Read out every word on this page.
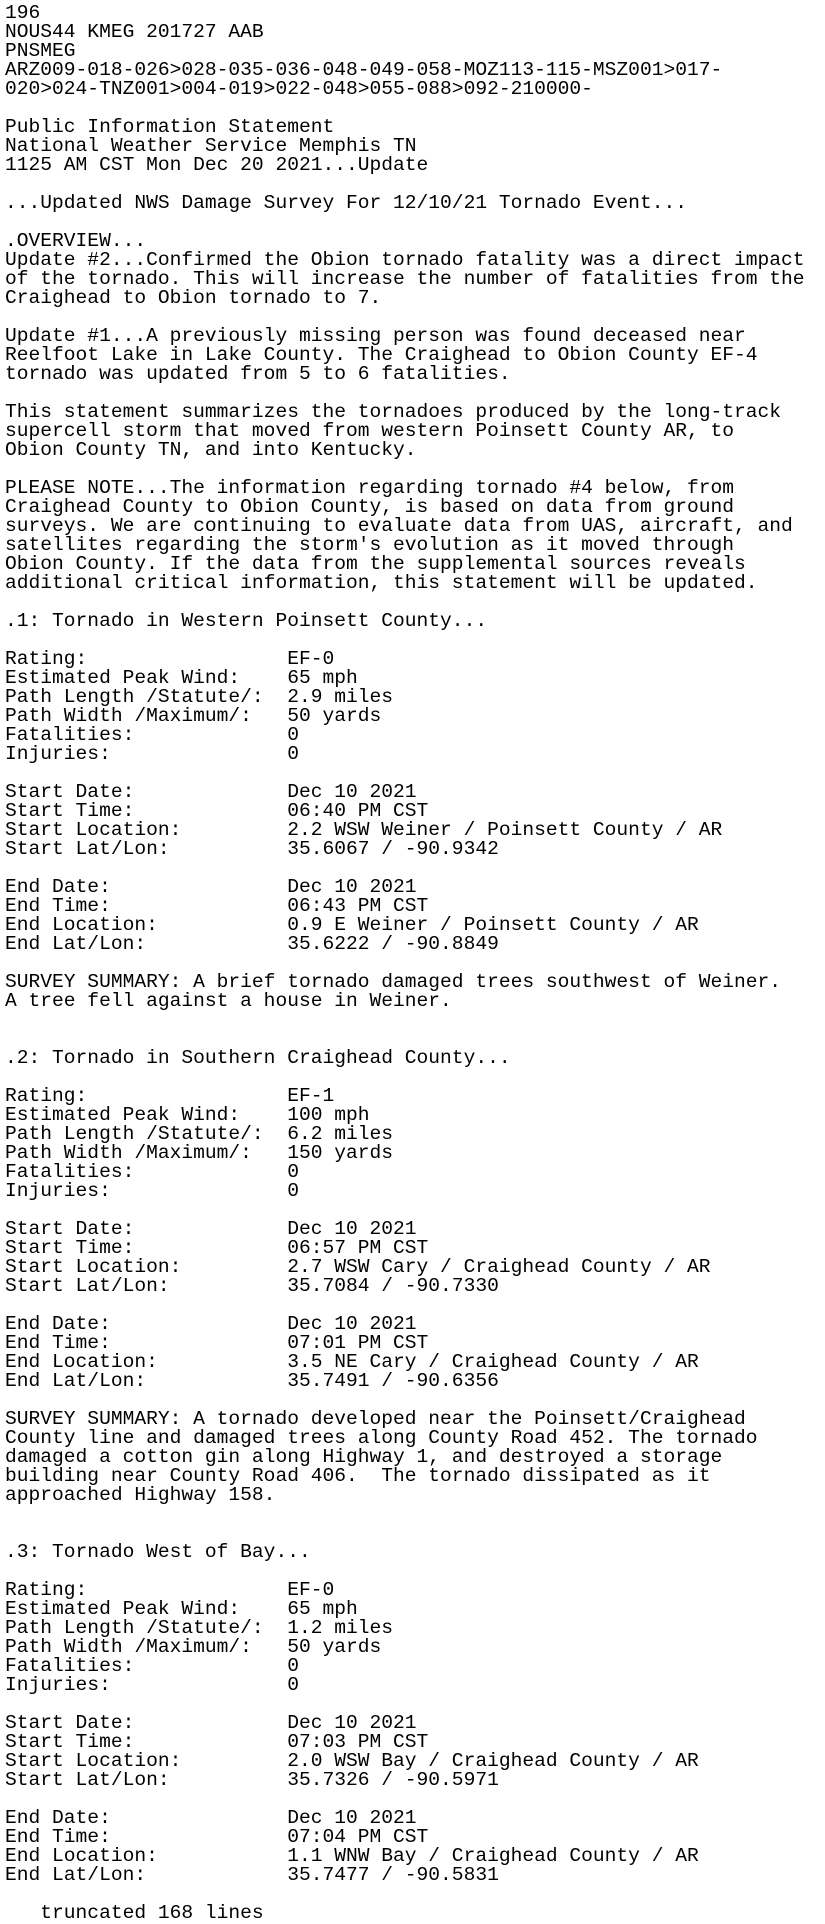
196
NOUS44 KMEG 201727 AAB
PNSMEG
ARZ009-018-026>028-035-036-048-049-058-MOZ113-115-MSZ001>017-
020>024-TNZ001>004-019>022-048>055-088>092-210000-
Public Information Statement
National Weather Service Memphis TN
1125 AM CST Mon Dec 20 2021...Update
...Updated NWS Damage Survey For 12/10/21 Tornado Event...
.OVERVIEW...
Update #2...Confirmed the Obion tornado fatality was a direct impact
of the tornado. This will increase the number of fatalities from the
Craighead to Obion tornado to 7.
Update #1...A previously missing person was found deceased near
Reelfoot Lake in Lake County. The Craighead to Obion County EF-4
tornado was updated from 5 to 6 fatalities.
This statement summarizes the tornadoes produced by the long-track
supercell storm that moved from western Poinsett County AR, to
Obion County TN, and into Kentucky.
PLEASE NOTE...The information regarding tornado #4 below, from
Craighead County to Obion County, is based on data from ground
surveys. We are continuing to evaluate data from UAS, aircraft, and
satellites regarding the storm's evolution as it moved through
Obion County. If the data from the supplemental sources reveals
additional critical information, this statement will be updated.
.1: Tornado in Western Poinsett County...
Rating:                 EF-0
Estimated Peak Wind:    65 mph
Path Length /Statute/:  2.9 miles
Path Width /Maximum/:   50 yards
Fatalities:             0
Injuries:               0
Start Date:             Dec 10 2021
Start Time:             06:40 PM CST
Start Location:         2.2 WSW Weiner / Poinsett County / AR
Start Lat/Lon:          35.6067 / -90.9342
End Date:               Dec 10 2021
End Time:               06:43 PM CST
End Location:           0.9 E Weiner / Poinsett County / AR
End Lat/Lon:            35.6222 / -90.8849
SURVEY SUMMARY: A brief tornado damaged trees southwest of Weiner.
A tree fell against a house in Weiner.
.2: Tornado in Southern Craighead County...
Rating:                 EF-1
Estimated Peak Wind:    100 mph
Path Length /Statute/:  6.2 miles
Path Width /Maximum/:   150 yards
Fatalities:             0
Injuries:               0
Start Date:             Dec 10 2021
Start Time:             06:57 PM CST
Start Location:         2.7 WSW Cary / Craighead County / AR
Start Lat/Lon:          35.7084 / -90.7330
End Date:               Dec 10 2021
End Time:               07:01 PM CST
End Location:           3.5 NE Cary / Craighead County / AR
End Lat/Lon:            35.7491 / -90.6356
SURVEY SUMMARY: A tornado developed near the Poinsett/Craighead
County line and damaged trees along County Road 452. The tornado
damaged a cotton gin along Highway 1, and destroyed a storage
building near County Road 406.  The tornado dissipated as it
approached Highway 158.
.3: Tornado West of Bay...
Rating:                 EF-0
Estimated Peak Wind:    65 mph
Path Length /Statute/:  1.2 miles
Path Width /Maximum/:   50 yards
Fatalities:             0
Injuries:               0
Start Date:             Dec 10 2021
Start Time:             07:03 PM CST
Start Location:         2.0 WSW Bay / Craighead County / AR
Start Lat/Lon:          35.7326 / -90.5971
End Date:               Dec 10 2021
End Time:               07:04 PM CST
End Location:           1.1 WNW Bay / Craighead County / AR
End Lat/Lon:            35.7477 / -90.5831
truncated 168 lines
